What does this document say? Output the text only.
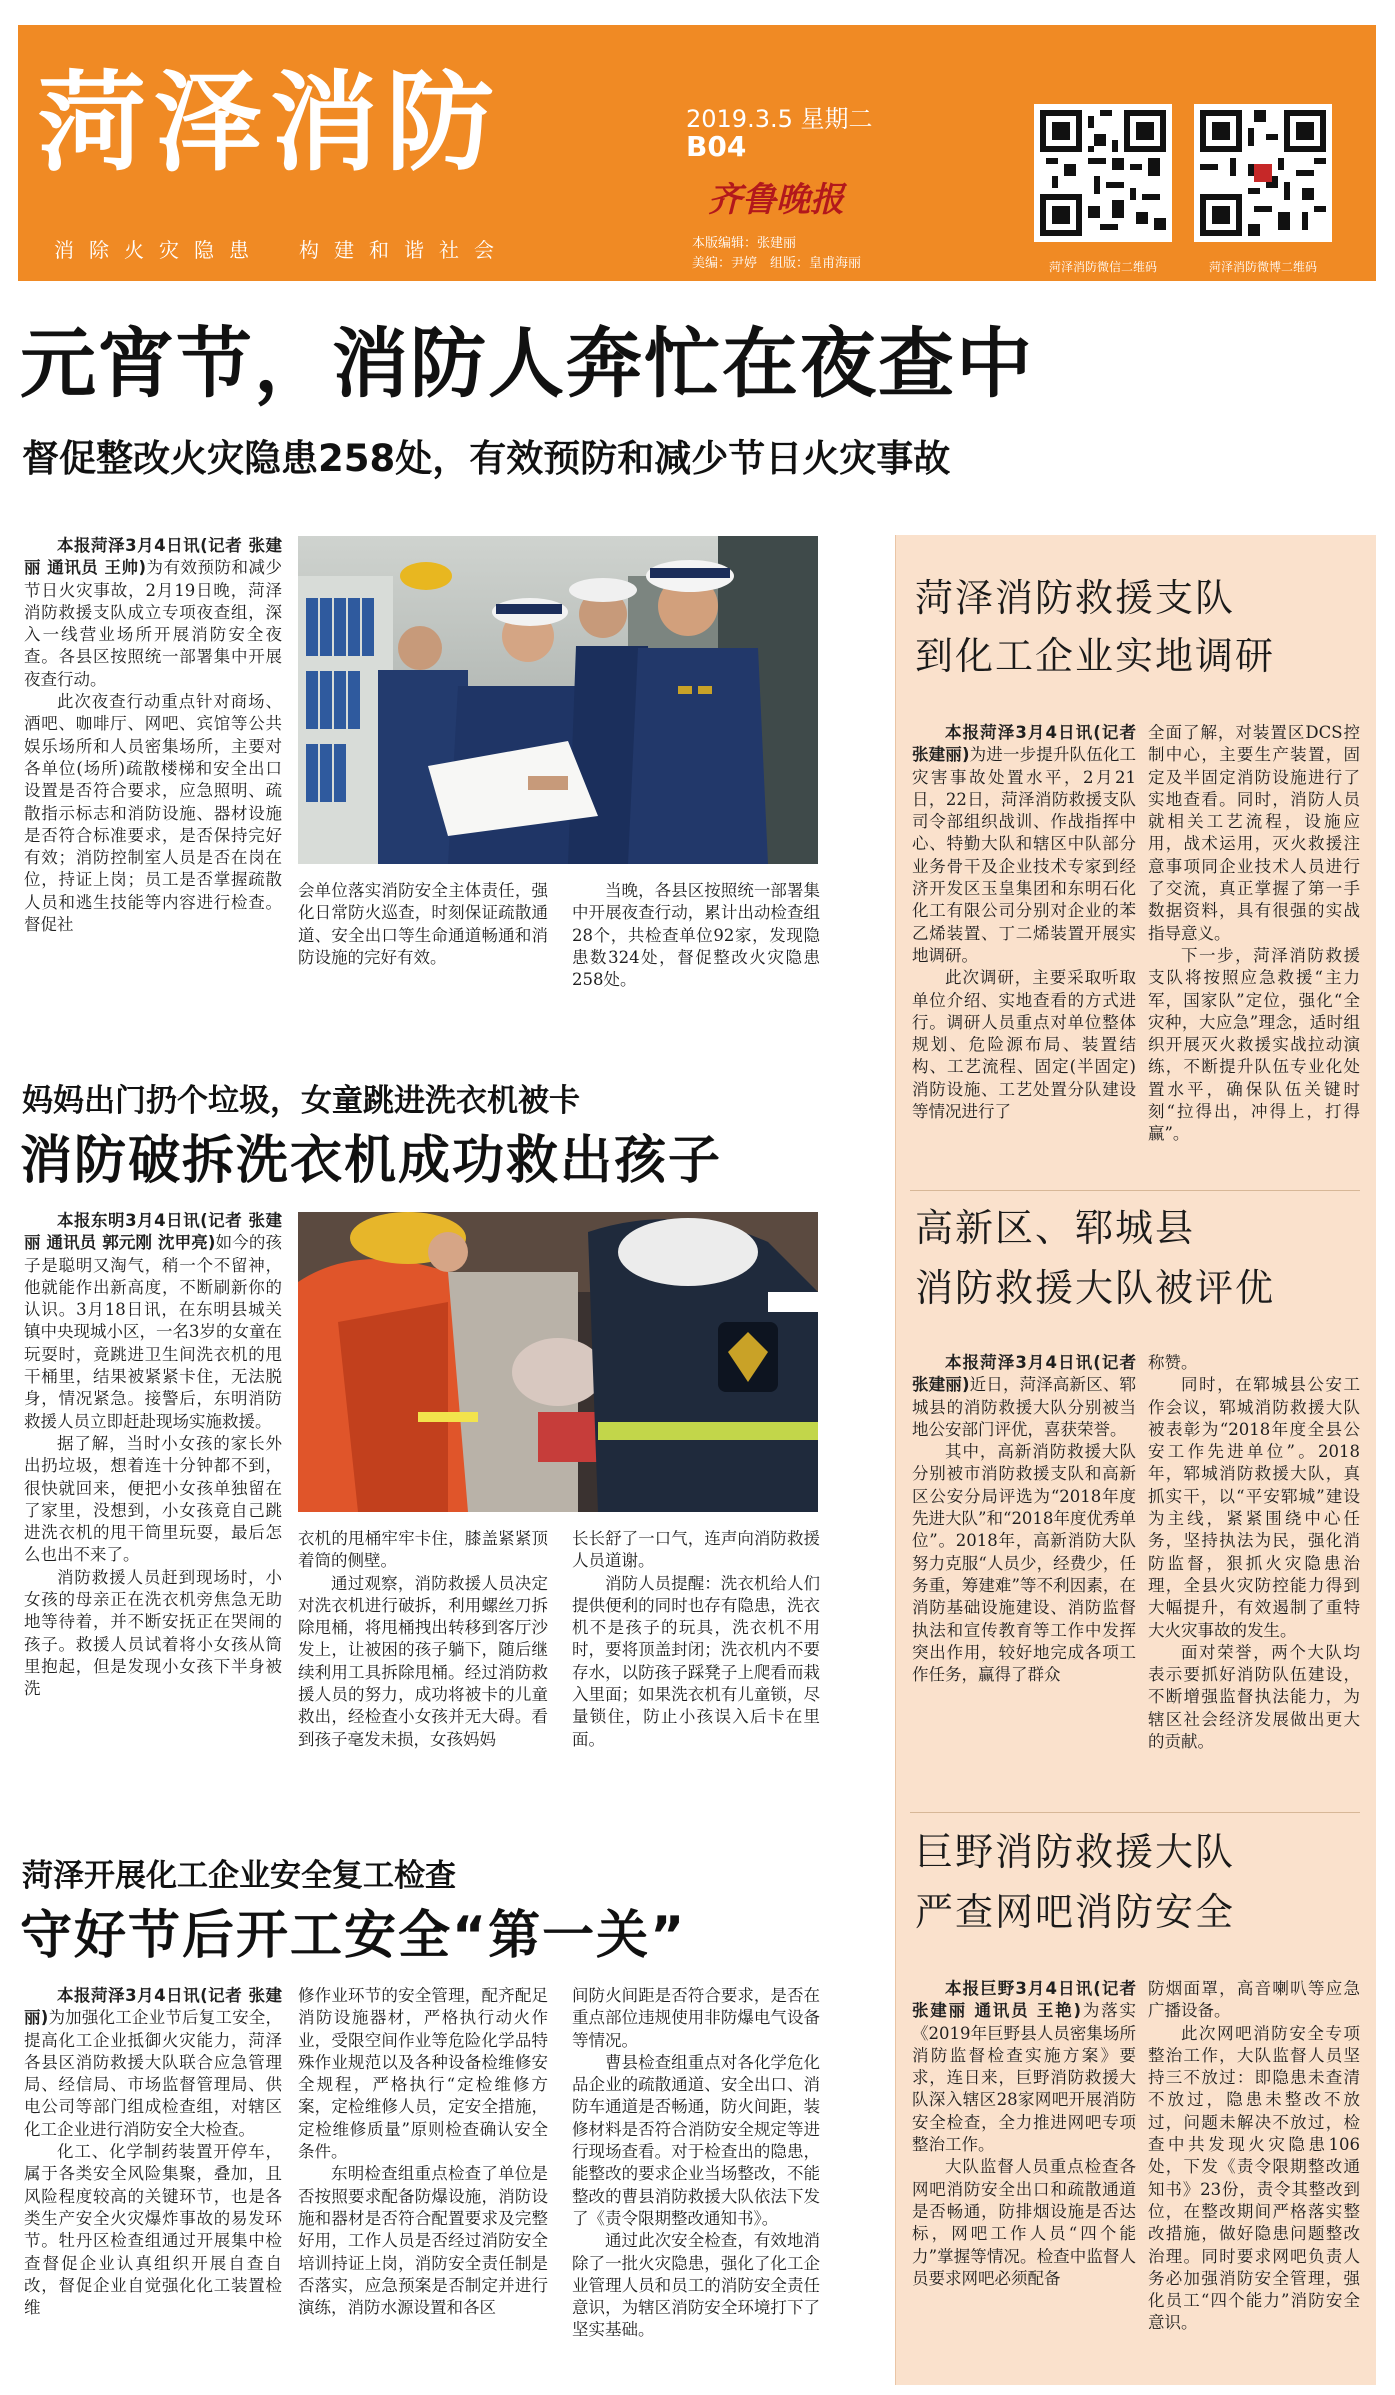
菏泽消防
消除火灾隐患　构建和谐社会
2019.3.5 星期二
B04
齐鲁晚报
本版编辑：张建丽
美编：尹婷　组版：皇甫海丽	菏泽消防微信二维码	菏泽消防微博二维码
元宵节，消防人奔忙在夜查中
督促整改火灾隐患258处，有效预防和减少节日火灾事故

本报菏泽3月4日讯(记者 张建丽 通讯员 王帅)为有效预防和减少节日火灾事故，2月19日晚，菏泽消防救援支队成立专项夜查组，深入一线营业场所开展消防安全夜查。各县区按照统一部署集中开展夜查行动。

此次夜查行动重点针对商场、酒吧、咖啡厅、网吧、宾馆等公共娱乐场所和人员密集场所，主要对各单位(场所)疏散楼梯和安全出口设置是否符合要求，应急照明、疏散指示标志和消防设施、器材设施是否符合标准要求，是否保持完好有效；消防控制室人员是否在岗在位，持证上岗；员工是否掌握疏散人员和逃生技能等内容进行检查。督促社

会单位落实消防安全主体责任，强化日常防火巡查，时刻保证疏散通道、安全出口等生命通道畅通和消防设施的完好有效。

当晚，各县区按照统一部署集中开展夜查行动，累计出动检查组28个，共检查单位92家，发现隐患数324处，督促整改火灾隐患258处。

妈妈出门扔个垃圾，女童跳进洗衣机被卡
消防破拆洗衣机成功救出孩子

本报东明3月4日讯(记者 张建丽 通讯员 郭元刚 沈甲亮)如今的孩子是聪明又淘气，稍一个不留神，他就能作出新高度，不断刷新你的认识。3月18日讯，在东明县城关镇中央现城小区，一名3岁的女童在玩耍时，竟跳进卫生间洗衣机的甩干桶里，结果被紧紧卡住，无法脱身，情况紧急。接警后，东明消防救援人员立即赶赴现场实施救援。

据了解，当时小女孩的家长外出扔垃圾，想着连十分钟都不到，很快就回来，便把小女孩单独留在了家里，没想到，小女孩竟自己跳进洗衣机的甩干筒里玩耍，最后怎么也出不来了。

消防救援人员赶到现场时，小女孩的母亲正在洗衣机旁焦急无助地等待着，并不断安抚正在哭闹的孩子。救援人员试着将小女孩从筒里抱起，但是发现小女孩下半身被洗

衣机的甩桶牢牢卡住，膝盖紧紧顶着筒的侧壁。

通过观察，消防救援人员决定对洗衣机进行破拆，利用螺丝刀拆除甩桶，将甩桶拽出转移到客厅沙发上，让被困的孩子躺下，随后继续利用工具拆除甩桶。经过消防救援人员的努力，成功将被卡的儿童救出，经检查小女孩并无大碍。看到孩子毫发未损，女孩妈妈

长长舒了一口气，连声向消防救援人员道谢。

消防人员提醒：洗衣机给人们提供便利的同时也存有隐患，洗衣机不是孩子的玩具，洗衣机不用时，要将顶盖封闭；洗衣机内不要存水，以防孩子踩凳子上爬看而栽入里面；如果洗衣机有儿童锁，尽量锁住，防止小孩误入后卡在里面。

菏泽开展化工企业安全复工检查
守好节后开工安全“第一关”

本报菏泽3月4日讯(记者 张建丽)为加强化工企业节后复工安全，提高化工企业抵御火灾能力，菏泽各县区消防救援大队联合应急管理局、经信局、市场监督管理局、供电公司等部门组成检查组，对辖区化工企业进行消防安全大检查。

化工、化学制药装置开停车，属于各类安全风险集聚，叠加，且风险程度较高的关键环节，也是各类生产安全火灾爆炸事故的易发环节。牡丹区检查组通过开展集中检查督促企业认真组织开展自查自改，督促企业自觉强化化工装置检维

修作业环节的安全管理，配齐配足消防设施器材，严格执行动火作业，受限空间作业等危险化学品特殊作业规范以及各种设备检维修安全规程，严格执行“定检维修方案，定检维修人员，定安全措施，定检维修质量”原则检查确认安全条件。

东明检查组重点检查了单位是否按照要求配备防爆设施，消防设施和器材是否符合配置要求及完整好用，工作人员是否经过消防安全培训持证上岗，消防安全责任制是否落实，应急预案是否制定并进行演练，消防水源设置和各区

间防火间距是否符合要求，是否在重点部位违规使用非防爆电气设备等情况。

曹县检查组重点对各化学危化品企业的疏散通道、安全出口、消防车通道是否畅通，防火间距，装修材料是否符合消防安全规定等进行现场查看。对于检查出的隐患，能整改的要求企业当场整改，不能整改的曹县消防救援大队依法下发了《责令限期整改通知书》。

通过此次安全检查，有效地消除了一批火灾隐患，强化了化工企业管理人员和员工的消防安全责任意识，为辖区消防安全环境打下了坚实基础。

菏泽消防救援支队
到化工企业实地调研

本报菏泽3月4日讯(记者 张建丽)为进一步提升队伍化工灾害事故处置水平，2月21日，22日，菏泽消防救援支队司令部组织战训、作战指挥中心、特勤大队和辖区中队部分业务骨干及企业技术专家到经济开发区玉皇集团和东明石化化工有限公司分别对企业的苯乙烯装置、丁二烯装置开展实地调研。

此次调研，主要采取听取单位介绍、实地查看的方式进行。调研人员重点对单位整体规划、危险源布局、装置结构、工艺流程、固定(半固定)消防设施、工艺处置分队建设等情况进行了

全面了解，对装置区DCS控制中心，主要生产装置，固定及半固定消防设施进行了实地查看。同时，消防人员就相关工艺流程，设施应用，战术运用，灭火救援注意事项同企业技术人员进行了交流，真正掌握了第一手数据资料，具有很强的实战指导意义。

下一步，菏泽消防救援支队将按照应急救援“主力军，国家队”定位，强化“全灾种，大应急”理念，适时组织开展灭火救援实战拉动演练，不断提升队伍专业化处置水平，确保队伍关键时刻“拉得出，冲得上，打得赢”。

高新区、郓城县
消防救援大队被评优

本报菏泽3月4日讯(记者 张建丽)近日，菏泽高新区、郓城县的消防救援大队分别被当地公安部门评优，喜获荣誉。

其中，高新消防救援大队分别被市消防救援支队和高新区公安分局评选为“2018年度先进大队”和“2018年度优秀单位”。2018年，高新消防大队努力克服“人员少，经费少，任务重，筹建难”等不利因素，在消防基础设施建设、消防监督执法和宣传教育等工作中发挥突出作用，较好地完成各项工作任务，赢得了群众

称赞。

同时，在郓城县公安工作会议，郓城消防救援大队被表彰为“2018年度全县公安工作先进单位”。2018年，郓城消防救援大队，真抓实干，以“平安郓城”建设为主线，紧紧围绕中心任务，坚持执法为民，强化消防监督，狠抓火灾隐患治理，全县火灾防控能力得到大幅提升，有效遏制了重特大火灾事故的发生。

面对荣誉，两个大队均表示要抓好消防队伍建设，不断增强监督执法能力，为辖区社会经济发展做出更大的贡献。

巨野消防救援大队
严查网吧消防安全

本报巨野3月4日讯(记者 张建丽 通讯员 王艳)为落实《2019年巨野县人员密集场所消防监督检查实施方案》要求，连日来，巨野消防救援大队深入辖区28家网吧开展消防安全检查，全力推进网吧专项整治工作。

大队监督人员重点检查各网吧消防安全出口和疏散通道是否畅通，防排烟设施是否达标，网吧工作人员“四个能力”掌握等情况。检查中监督人员要求网吧必须配备

防烟面罩，高音喇叭等应急广播设备。

此次网吧消防安全专项整治工作，大队监督人员坚持三不放过：即隐患未查清不放过，隐患未整改不放过，问题未解决不放过，检查中共发现火灾隐患106处，下发《责令限期整改通知书》23份，责令其整改到位，在整改期间严格落实整改措施，做好隐患问题整改治理。同时要求网吧负责人务必加强消防安全管理，强化员工“四个能力”消防安全意识。
